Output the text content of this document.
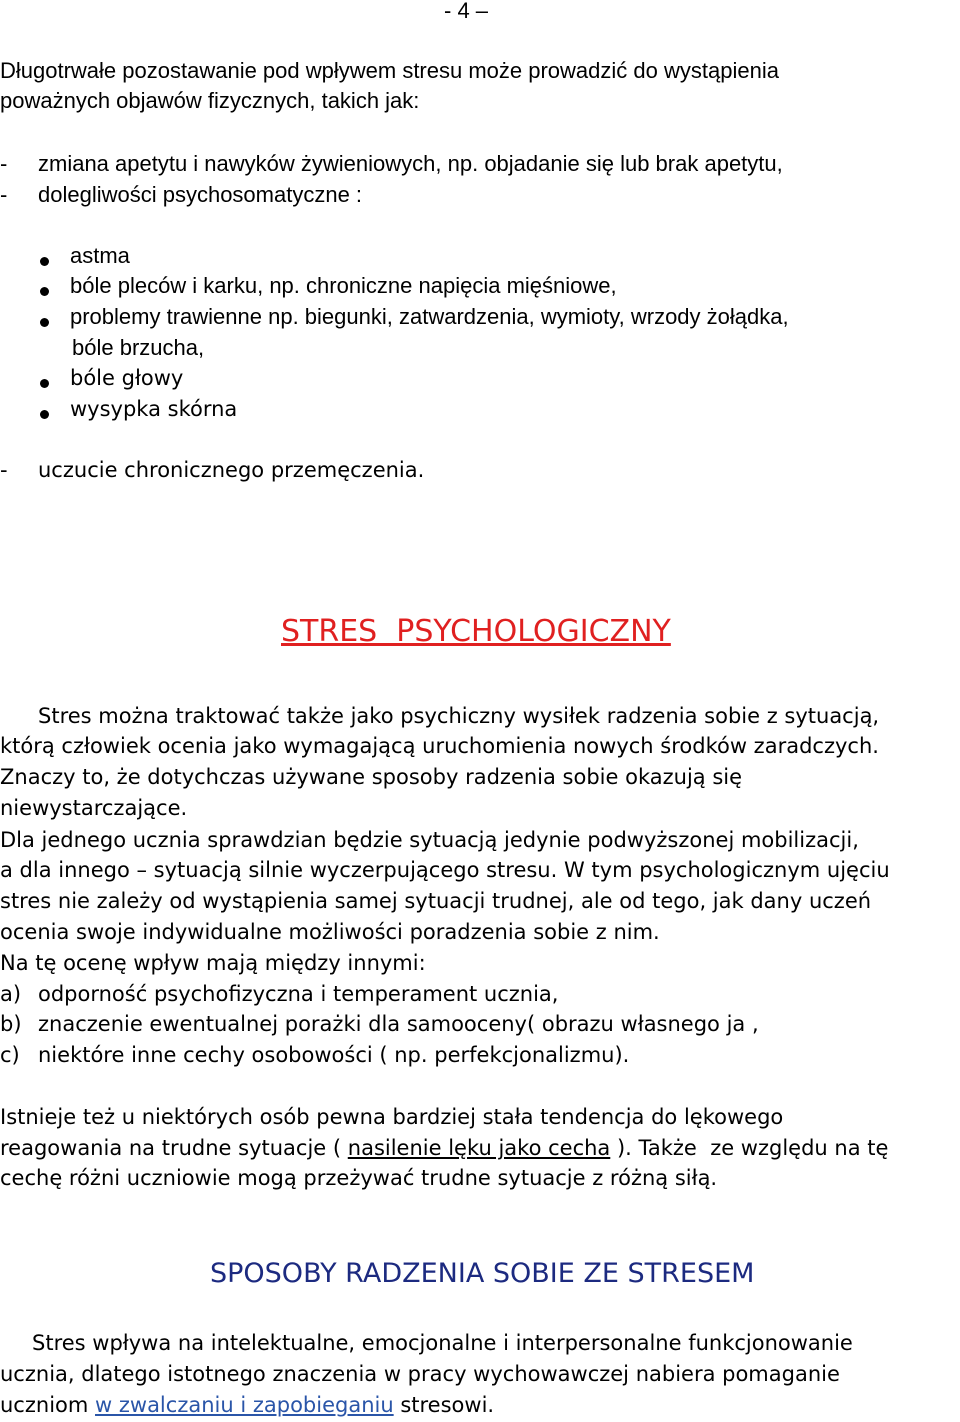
- 4 –
Długotrwałe pozostawanie pod wpływem stresu może prowadzić do wystąpienia
poważnych objawów fizycznych, takich jak:
- zmiana apetytu i nawyków żywieniowych, np. objadanie się lub brak apetytu,
- dolegliwości psychosomatyczne :
astma
bóle pleców i karku, np. chroniczne napięcia mięśniowe,
problemy trawienne np. biegunki, zatwardzenia, wymioty, wrzody żołądka,
bóle brzucha,
bóle głowy
wysypka skórna
- uczucie chronicznego przemęczenia.
STRES  PSYCHOLOGICZNY
Stres można traktować także jako psychiczny wysiłek radzenia sobie z sytuacją,
którą człowiek ocenia jako wymagającą uruchomienia nowych środków zaradczych.
Znaczy to, że dotychczas używane sposoby radzenia sobie okazują się
niewystarczające.
Dla jednego ucznia sprawdzian będzie sytuacją jedynie podwyższonej mobilizacji,
a dla innego – sytuacją silnie wyczerpującego stresu. W tym psychologicznym ujęciu
stres nie zależy od wystąpienia samej sytuacji trudnej, ale od tego, jak dany uczeń
ocenia swoje indywidualne możliwości poradzenia sobie z nim.
Na tę ocenę wpływ mają między innymi:
a) odporność psychofizyczna i temperament ucznia,
b) znaczenie ewentualnej porażki dla samooceny( obrazu własnego ja ,
c) niektóre inne cechy osobowości ( np. perfekcjonalizmu).
Istnieje też u niektórych osób pewna bardziej stała tendencja do lękowego
reagowania na trudne sytuacje ( nasilenie lęku jako cecha ). Także  ze względu na tę
cechę różni uczniowie mogą przeżywać trudne sytuacje z różną siłą.
SPOSOBY RADZENIA SOBIE ZE STRESEM
Stres wpływa na intelektualne, emocjonalne i interpersonalne funkcjonowanie
ucznia, dlatego istotnego znaczenia w pracy wychowawczej nabiera pomaganie
uczniom w zwalczaniu i zapobieganiu stresowi.
